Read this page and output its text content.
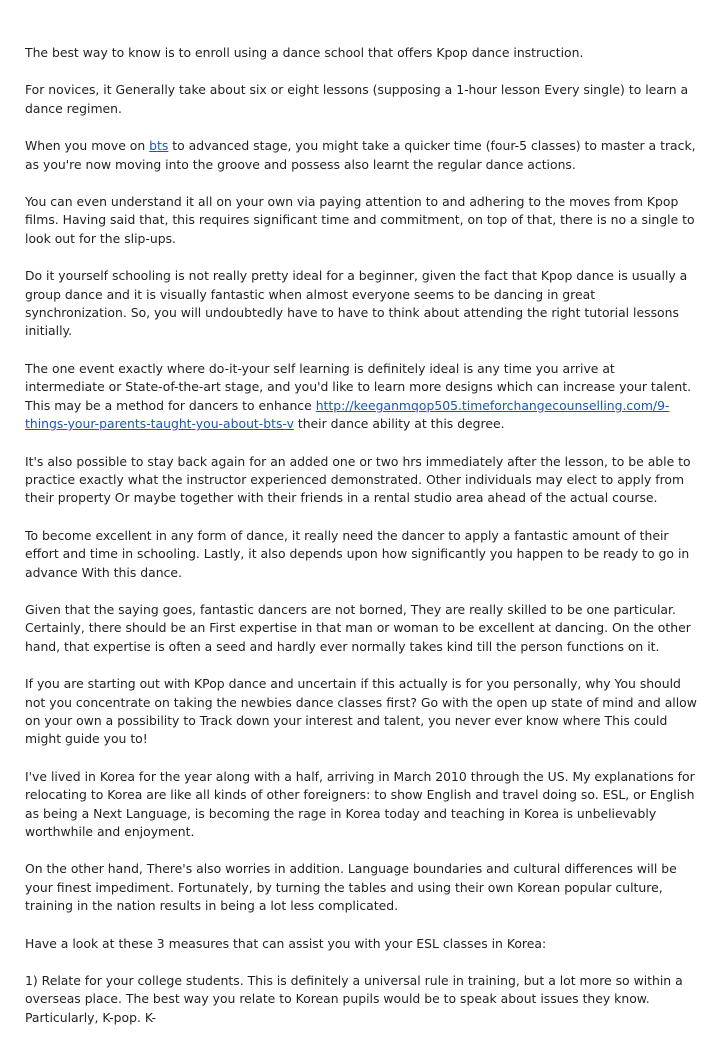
The best way to know is to enroll using a dance school that offers Kpop dance instruction.

For novices, it Generally take about six or eight lessons (supposing a 1-hour lesson Every single) to learn a dance regimen.

When you move on bts to advanced stage, you might take a quicker time (four-5 classes) to master a track, as you're now moving into the groove and possess also learnt the regular dance actions.

You can even understand it all on your own via paying attention to and adhering to the moves from Kpop films. Having said that, this requires significant time and commitment, on top of that, there is no a single to look out for the slip-ups.

Do it yourself schooling is not really pretty ideal for a beginner, given the fact that Kpop dance is usually a group dance and it is visually fantastic when almost everyone seems to be dancing in great synchronization. So, you will undoubtedly have to have to think about attending the right tutorial lessons initially.

The one event exactly where do-it-your self learning is definitely ideal is any time you arrive at intermediate or State-of-the-art stage, and you'd like to learn more designs which can increase your talent. This may be a method for dancers to enhance http://keeganmqop505.timeforchangecounselling.com/9-things-your-parents-taught-you-about-bts-v their dance ability at this degree.

It's also possible to stay back again for an added one or two hrs immediately after the lesson, to be able to practice exactly what the instructor experienced demonstrated. Other individuals may elect to apply from their property Or maybe together with their friends in a rental studio area ahead of the actual course.

To become excellent in any form of dance, it really need the dancer to apply a fantastic amount of their effort and time in schooling. Lastly, it also depends upon how significantly you happen to be ready to go in advance With this dance.

Given that the saying goes, fantastic dancers are not borned, They are really skilled to be one particular. Certainly, there should be an First expertise in that man or woman to be excellent at dancing. On the other hand, that expertise is often a seed and hardly ever normally takes kind till the person functions on it.

If you are starting out with KPop dance and uncertain if this actually is for you personally, why You should not you concentrate on taking the newbies dance classes first? Go with the open up state of mind and allow on your own a possibility to Track down your interest and talent, you never ever know where This could might guide you to!

I've lived in Korea for the year along with a half, arriving in March 2010 through the US. My explanations for relocating to Korea are like all kinds of other foreigners: to show English and travel doing so. ESL, or English as being a Next Language, is becoming the rage in Korea today and teaching in Korea is unbelievably worthwhile and enjoyment.

On the other hand, There's also worries in addition. Language boundaries and cultural differences will be your finest impediment. Fortunately, by turning the tables and using their own Korean popular culture, training in the nation results in being a lot less complicated.

Have a look at these 3 measures that can assist you with your ESL classes in Korea:

1) Relate for your college students. This is definitely a universal rule in training, but a lot more so within a overseas place. The best way you relate to Korean pupils would be to speak about issues they know. Particularly, K-pop. K-
